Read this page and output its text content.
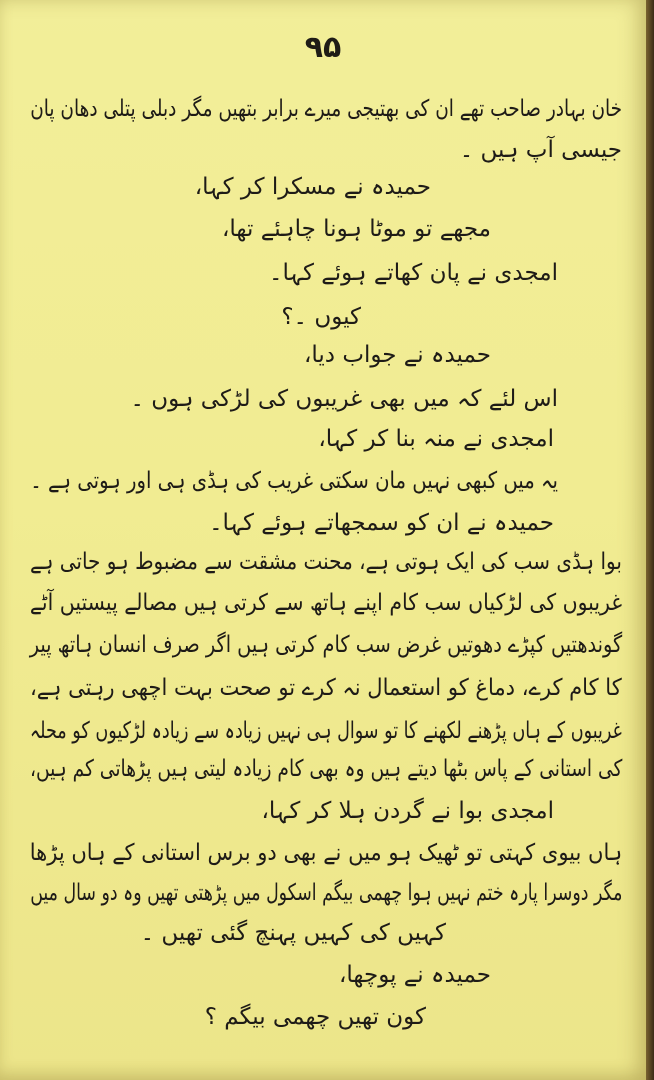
۹۵
خان بہادر صاحب تھے ان کی بھتیجی میرے برابر بتھیں مگر دبلی پتلی دھان پان
جیسی آپ ہیں ۔
حمیدہ نے مسکرا کر کہا،
مجھے تو موٹا ہونا چاہئے تھا،
امجدی نے پان کھاتے ہوئے کہا۔
کیوں ۔؟
حمیدہ نے جواب دیا،
اس لئے کہ میں بھی غریبوں کی لڑکی ہوں ۔
امجدی نے منہ بنا کر کہا،
یہ میں کبھی نہیں مان سکتی غریب کی ہڈی ہی اور ہوتی ہے ۔
حمیدہ نے ان کو سمجھاتے ہوئے کہا۔
بوا ہڈی سب کی ایک ہوتی ہے، محنت مشقت سے مضبوط ہو جاتی ہے
غریبوں کی لڑکیاں سب کام اپنے ہاتھ سے کرتی ہیں مصالے پیستیں آٹے
گوندھتیں کپڑے دھوتیں غرض سب کام کرتی ہیں اگر صرف انسان ہاتھ پیر
کا کام کرے، دماغ کو استعمال نہ کرے تو صحت بہت اچھی رہتی ہے،
غریبوں کے ہاں پڑھنے لکھنے کا تو سوال ہی نہیں زیادہ سے زیادہ لڑکیوں کو محلہ
کی استانی کے پاس بٹھا دیتے ہیں وہ بھی کام زیادہ لیتی ہیں پڑھاتی کم ہیں،
امجدی بوا نے گردن ہلا کر کہا،
ہاں بیوی کہتی تو ٹھیک ہو میں نے بھی دو برس استانی کے ہاں پڑھا
مگر دوسرا پارہ ختم نہیں ہوا چھمی بیگم اسکول میں پڑھتی تھیں وہ دو سال میں
کہیں کی کہیں پہنچ گئی تھیں ۔
حمیدہ نے پوچھا،
کون تھیں چھمی بیگم ؟
